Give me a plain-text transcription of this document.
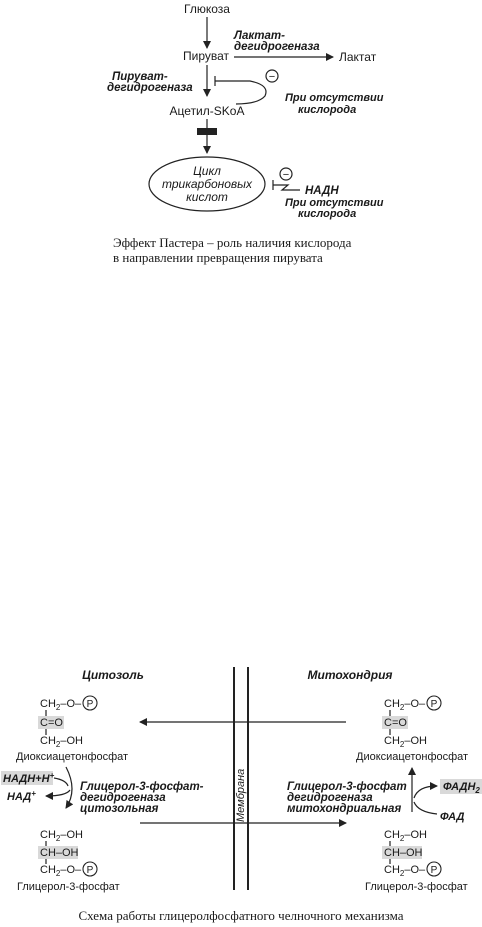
Глюкоза
Пируват	Лактат
Лактат-
дегидрогеназа
Пируват-
дегидрогеназа
−
При отсутствии
кислорода
Ацетил-SKoA
Цикл
трикарбоновых
кислот
−
НАДН
При отсутствии
кислорода
Эффект Пастера – роль наличия кислорода
в направлении превращения пирувата
Цитозоль	Митохондрия
Мембрана
$CH_2-O-$ P
C=O
$CH_2-OH$
Диоксиацетонфосфат
НАДН+Н+
НАД+
Глицерол-3-фосфат-
дегидрогеназа
цитозольная
$CH_2-OH$
CH–OH
$CH_2-O-$ P
Глицерол-3-фосфат
$CH_2-O-$ P
C=O
$CH_2-OH$
Диоксиацетонфосфат
Глицерол-3-фосфат
дегидрогеназа
митохондриальная
$ФАДН_2$
ФАД
$CH_2-OH$
CH–OH
$CH_2-O-$ P
Глицерол-3-фосфат
Схема работы глицеролфосфатного челночного механизма
